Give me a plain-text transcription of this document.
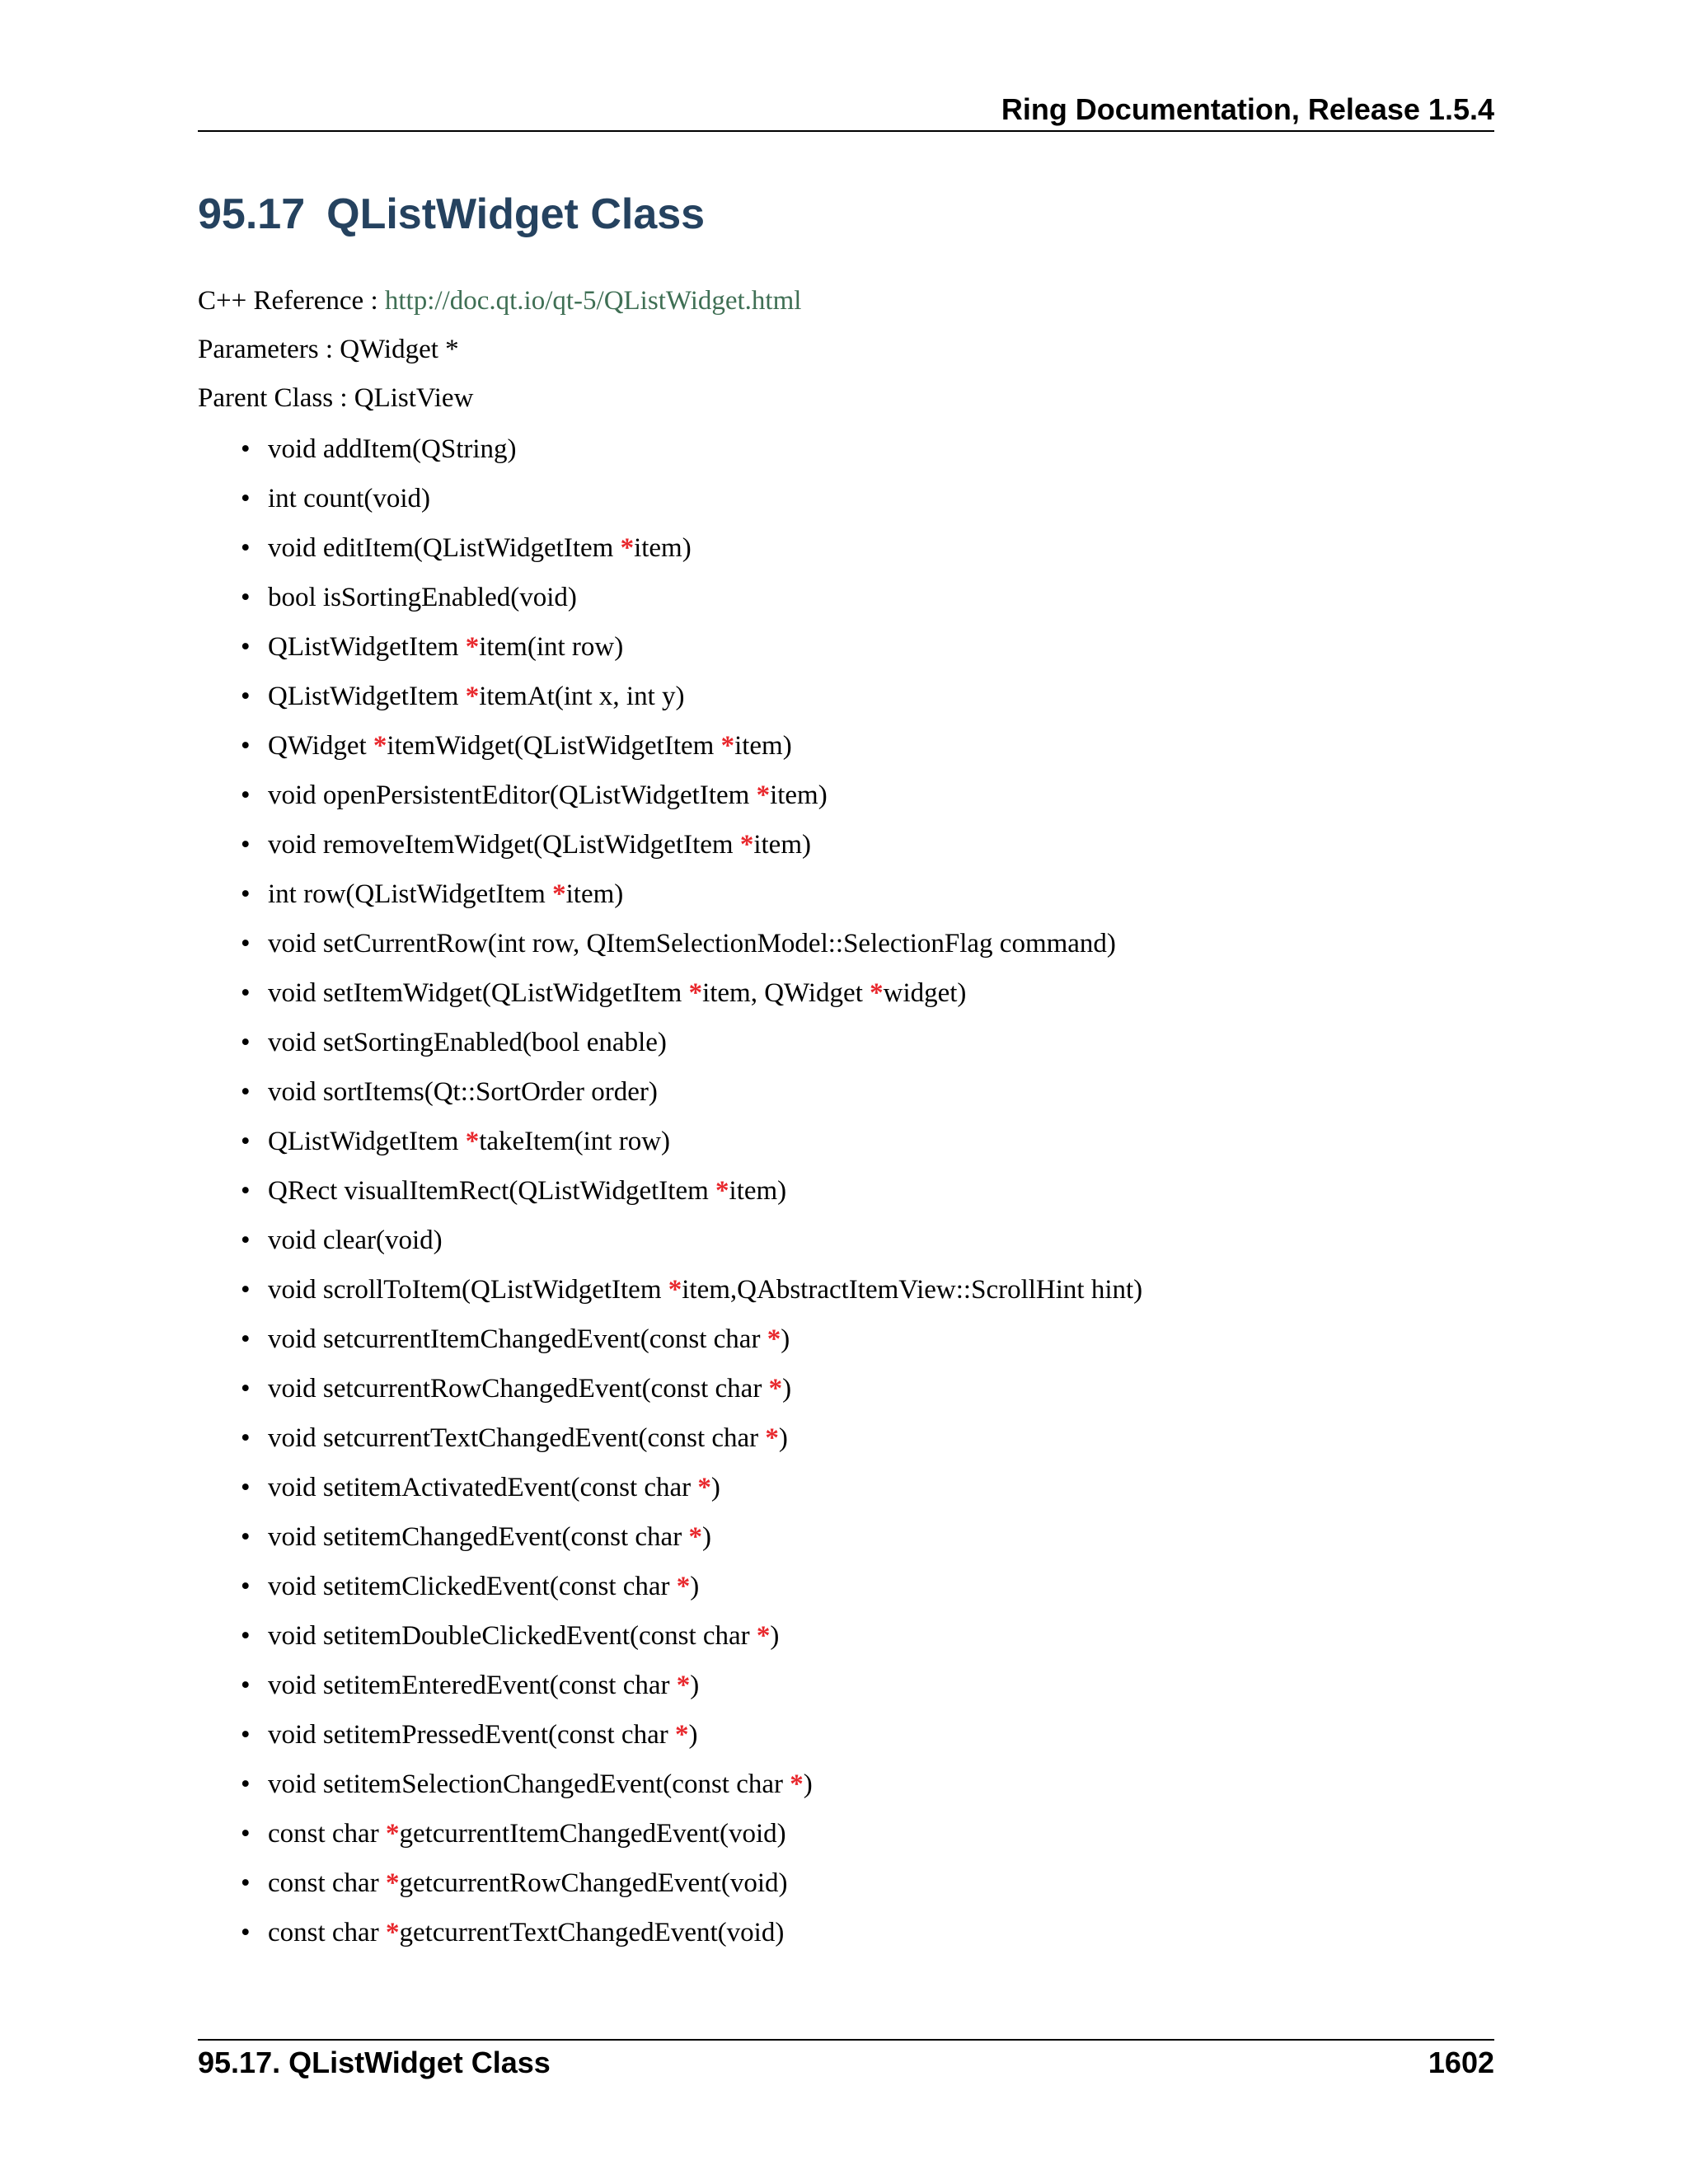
Ring Documentation, Release 1.5.4
95.17 QListWidget Class
C++ Reference : http://doc.qt.io/qt-5/QListWidget.html
Parameters : QWidget *
Parent Class : QListView
• void addItem(QString)
• int count(void)
• void editItem(QListWidgetItem *item)
• bool isSortingEnabled(void)
• QListWidgetItem *item(int row)
• QListWidgetItem *itemAt(int x, int y)
• QWidget *itemWidget(QListWidgetItem *item)
• void openPersistentEditor(QListWidgetItem *item)
• void removeItemWidget(QListWidgetItem *item)
• int row(QListWidgetItem *item)
• void setCurrentRow(int row, QItemSelectionModel::SelectionFlag command)
• void setItemWidget(QListWidgetItem *item, QWidget *widget)
• void setSortingEnabled(bool enable)
• void sortItems(Qt::SortOrder order)
• QListWidgetItem *takeItem(int row)
• QRect visualItemRect(QListWidgetItem *item)
• void clear(void)
• void scrollToItem(QListWidgetItem *item,QAbstractItemView::ScrollHint hint)
• void setcurrentItemChangedEvent(const char *)
• void setcurrentRowChangedEvent(const char *)
• void setcurrentTextChangedEvent(const char *)
• void setitemActivatedEvent(const char *)
• void setitemChangedEvent(const char *)
• void setitemClickedEvent(const char *)
• void setitemDoubleClickedEvent(const char *)
• void setitemEnteredEvent(const char *)
• void setitemPressedEvent(const char *)
• void setitemSelectionChangedEvent(const char *)
• const char *getcurrentItemChangedEvent(void)
• const char *getcurrentRowChangedEvent(void)
• const char *getcurrentTextChangedEvent(void)
95.17. QListWidget Class	1602
